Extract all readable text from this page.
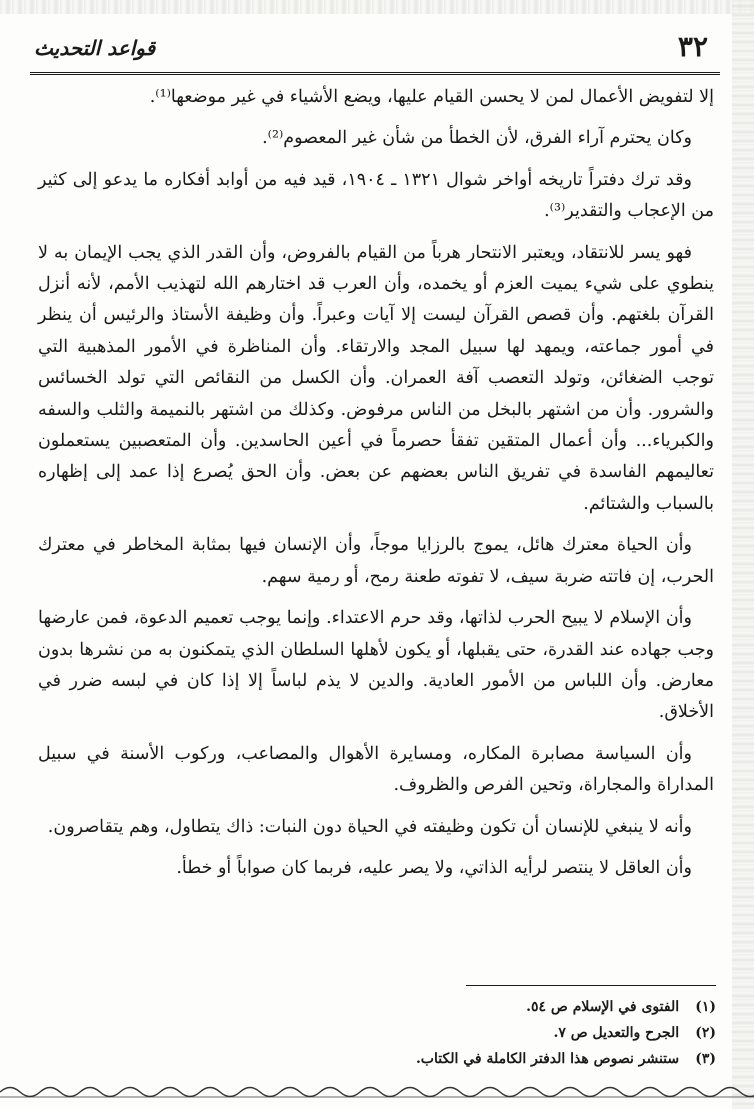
٣٢
قواعد التحديث

إلا لتفويض الأعمال لمن لا يحسن القيام عليها، ويضع الأشياء في غير موضعها⁽¹⁾.

وكان يحترم آراء الفرق، لأن الخطأ من شأن غير المعصوم⁽²⁾.

وقد ترك دفتراً تاريخه أواخر شوال ١٣٢١ ـ ١٩٠٤، قيد فيه من أوابد أفكاره ما يدعو إلى كثير من الإعجاب والتقدير⁽³⁾.

فهو يسر للانتقاد، ويعتبر الانتحار هرباً من القيام بالفروض، وأن القدر الذي يجب الإيمان به لا ينطوي على شيء يميت العزم أو يخمده، وأن العرب قد اختارهم الله لتهذيب الأمم، لأنه أنزل القرآن بلغتهم. وأن قصص القرآن ليست إلا آيات وعبراً. وأن وظيفة الأستاذ والرئيس أن ينظر في أمور جماعته، ويمهد لها سبيل المجد والارتقاء. وأن المناظرة في الأمور المذهبية التي توجب الضغائن، وتولد التعصب آفة العمران. وأن الكسل من النقائص التي تولد الخسائس والشرور. وأن من اشتهر بالبخل من الناس مرفوض. وكذلك من اشتهر بالنميمة والثلب والسفه والكبرياء... وأن أعمال المتقين تفقأ حصرماً في أعين الحاسدين. وأن المتعصبين يستعملون تعاليمهم الفاسدة في تفريق الناس بعضهم عن بعض. وأن الحق يُصرع إذا عمد إلى إظهاره بالسباب والشتائم.

وأن الحياة معترك هائل، يموج بالرزايا موجاً، وأن الإنسان فيها بمثابة المخاطر في معترك الحرب، إن فاتته ضربة سيف، لا تفوته طعنة رمح، أو رمية سهم.

وأن الإسلام لا يبيح الحرب لذاتها، وقد حرم الاعتداء. وإنما يوجب تعميم الدعوة، فمن عارضها وجب جهاده عند القدرة، حتى يقبلها، أو يكون لأهلها السلطان الذي يتمكنون به من نشرها بدون معارض. وأن اللباس من الأمور العادية. والدين لا يذم لباساً إلا إذا كان في لبسه ضرر في الأخلاق.

وأن السياسة مصابرة المكاره، ومسايرة الأهوال والمصاعب، وركوب الأسنة في سبيل المداراة والمجاراة، وتحين الفرص والظروف.

وأنه لا ينبغي للإنسان أن تكون وظيفته في الحياة دون النبات: ذاك يتطاول، وهم يتقاصرون.

وأن العاقل لا ينتصر لرأيه الذاتي، ولا يصر عليه، فربما كان صواباً أو خطأ.

(١) الفتوى في الإسلام ص ٥٤.
(٢) الجرح والتعديل ص ٧.
(٣) ستنشر نصوص هذا الدفتر الكاملة في الكتاب.
